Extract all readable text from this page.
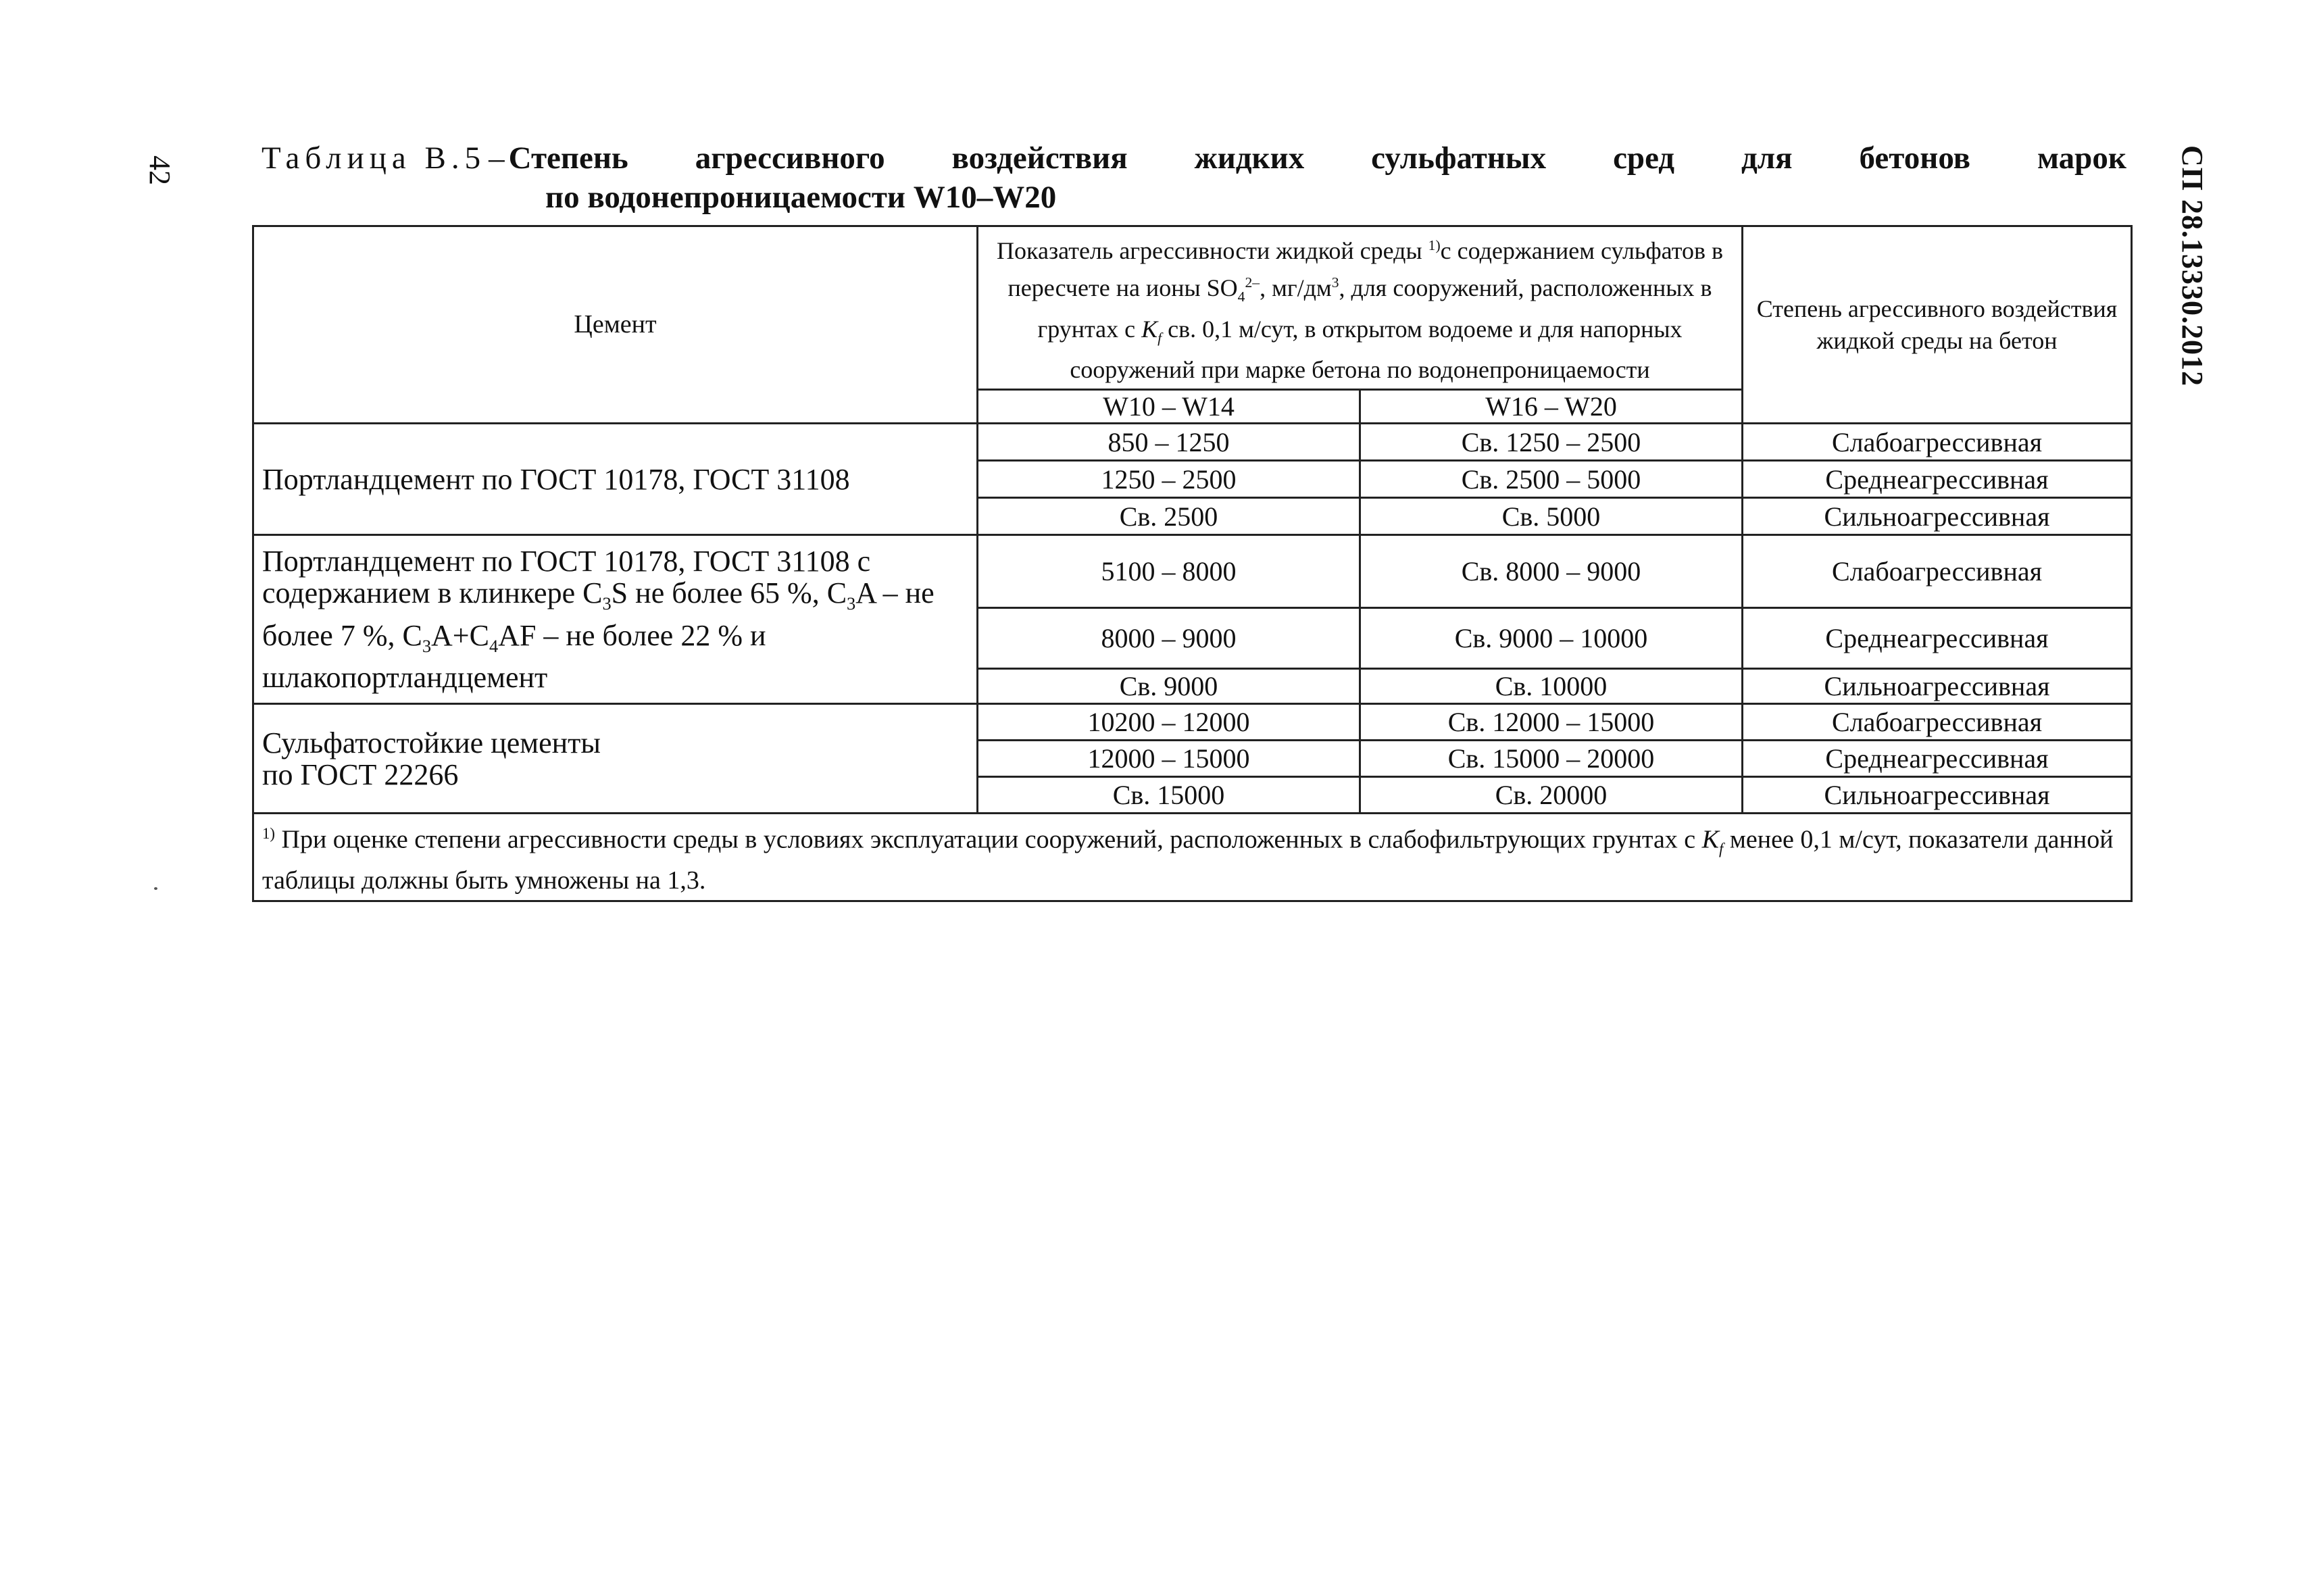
42	СП 28.13330.2012
Таблица В.5 – Степень агрессивного воздействия жидких сульфатных сред для бетонов марок
по водонепроницаемости W10–W20
Цемент	Показатель агрессивности жидкой среды $^{1)}$с содержанием сульфатов в пересчете на ионы $SO_4^{2-}$, $мг/дм^3$, для сооружений, расположенных в грунтах с $K_f$ св. 0,1 м/сут, в открытом водоеме и для напорных сооружений при марке бетона по водонепроницаемости		Степень агрессивного воздействия жидкой среды на бетон
	W10 – W14	W16 – W20	
Портландцемент по ГОСТ 10178, ГОСТ 31108	850 – 1250	Св. 1250 – 2500	Слабоагрессивная
	1250 – 2500	Св. 2500 – 5000	Среднеагрессивная
	Св. 2500	Св. 5000	Сильноагрессивная
Портландцемент по ГОСТ 10178, ГОСТ 31108 с содержанием в клинкере $C_3S$ не более 65 %, $C_3A$ – не более 7 %, $C_3A+C_4AF$ – не более 22 % и шлакопортландцемент	5100 – 8000	Св. 8000 – 9000	Слабоагрессивная
	8000 – 9000	Св. 9000 – 10000	Среднеагрессивная
	Св. 9000	Св. 10000	Сильноагрессивная
Сульфатостойкие цементы
по ГОСТ 22266	10200 – 12000	Св. 12000 – 15000	Слабоагрессивная
	12000 – 15000	Св. 15000 – 20000	Среднеагрессивная
	Св. 15000	Св. 20000	Сильноагрессивная
$^{1)}$ При оценке степени агрессивности среды в условиях эксплуатации сооружений, расположенных в слабофильтрующих грунтах с $K_f$ менее 0,1 м/сут, показатели данной таблицы должны быть умножены на 1,3.			
